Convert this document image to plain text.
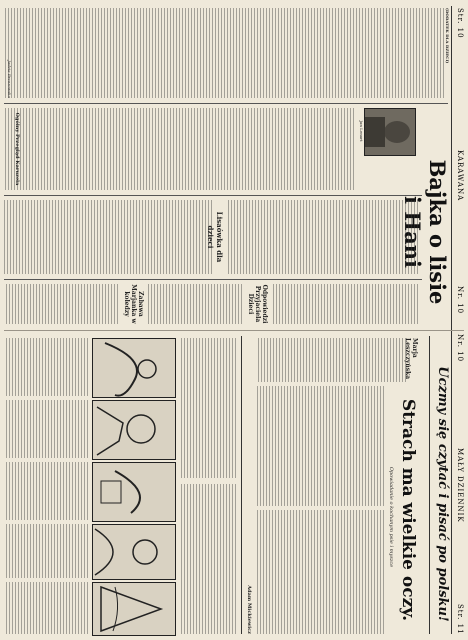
Str. 10
KARAWANA
Nr. 10
Nr. 10
MAŁY DZIENNIK
Str. 11
(DODATEK DLA DZIECI)
Jan Lenart
Bajka o lisie i Hani
Lisaówka dla dzieci
Odpowiedzi Przyjaciela Dzieci
Zabawa Marjanka w koledzy
Ogólny Przegląd Karuzela
Jadzia Brzozowska
Uczmy się czytać i pisać po polsku!
Strach ma wielkie oczy.
Opowiadanie o kochanym psie i myszce
Marja Leszczyńska
Adam Mickiewicz
